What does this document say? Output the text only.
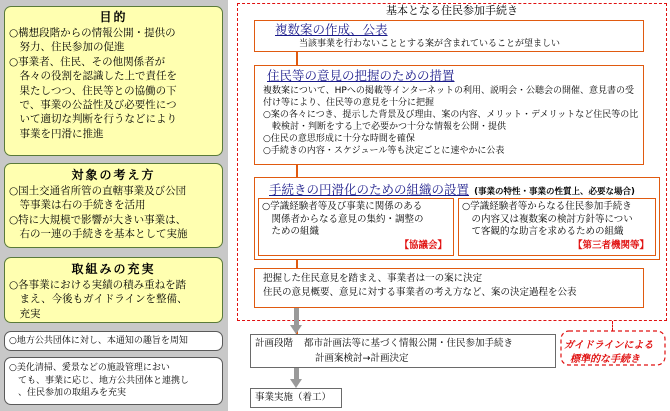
目的
○構想段階からの情報公開・提供の
　努力、住民参加の促進
○事業者、住民、その他関係者が
　各々の役割を認識した上で責任を
　果たしつつ、住民等との協働の下
　で、事業の公益性及び必要性につ
　いて適切な判断を行うなどにより
　事業を円滑に推進
対象の考え方
○国土交通省所管の直轄事業及び公団
　等事業は右の手続きを活用
○特に大規模で影響が大きい事業は、
　右の一連の手続きを基本として実施
取組みの充実
○各事業における実績の積み重ねを踏
　まえ、今後もガイドラインを整備、
　充実
○地方公共団体に対し、本通知の趣旨を周知
○美化清掃、愛景などの施設管理におい
　ても、事業に応じ、地方公共団体と連携し
　、住民参加の取組みを充実
基本となる住民参加手続き
複数案の作成、公表
当該事業を行わないこととする案が含まれていることが望ましい
住民等の意見の把握のための措置
複数案について、HPへの掲載等インターネットの利用、説明会・公聴会の開催、意見書の受
付け等により、住民等の意見を十分に把握
○案の各々につき、提示した背景及び理由、案の内容、メリット・デメリットなど住民等の比
　較検討・判断をする上で必要かつ十分な情報を公開・提供
○住民の意思形成に十分な時間を確保
○手続きの内容・スケジュール等も決定ごとに速やかに公表
手続きの円滑化のための組織の設置 (事業の特性・事業の性質上、必要な場合)
○学識経験者等及び事業に関係のある
　関係者からなる意見の集約・調整の
　ための組織
【協議会】
○学識経験者等からなる住民参加手続き
　の内容又は複数案の検討方針等につい
　て客観的な助言を求めるための組織
【第三者機関等】
把握した住民意見を踏まえ、事業者は一の案に決定
住民の意見概要、意見に対する事業者の考え方など、案の決定過程を公表
計画段階 都市計画法等に基づく情報公開・住民参加手続き
計画案検討→計画決定
ガイドラインによる
標準的な手続き
事業実施（着工）
